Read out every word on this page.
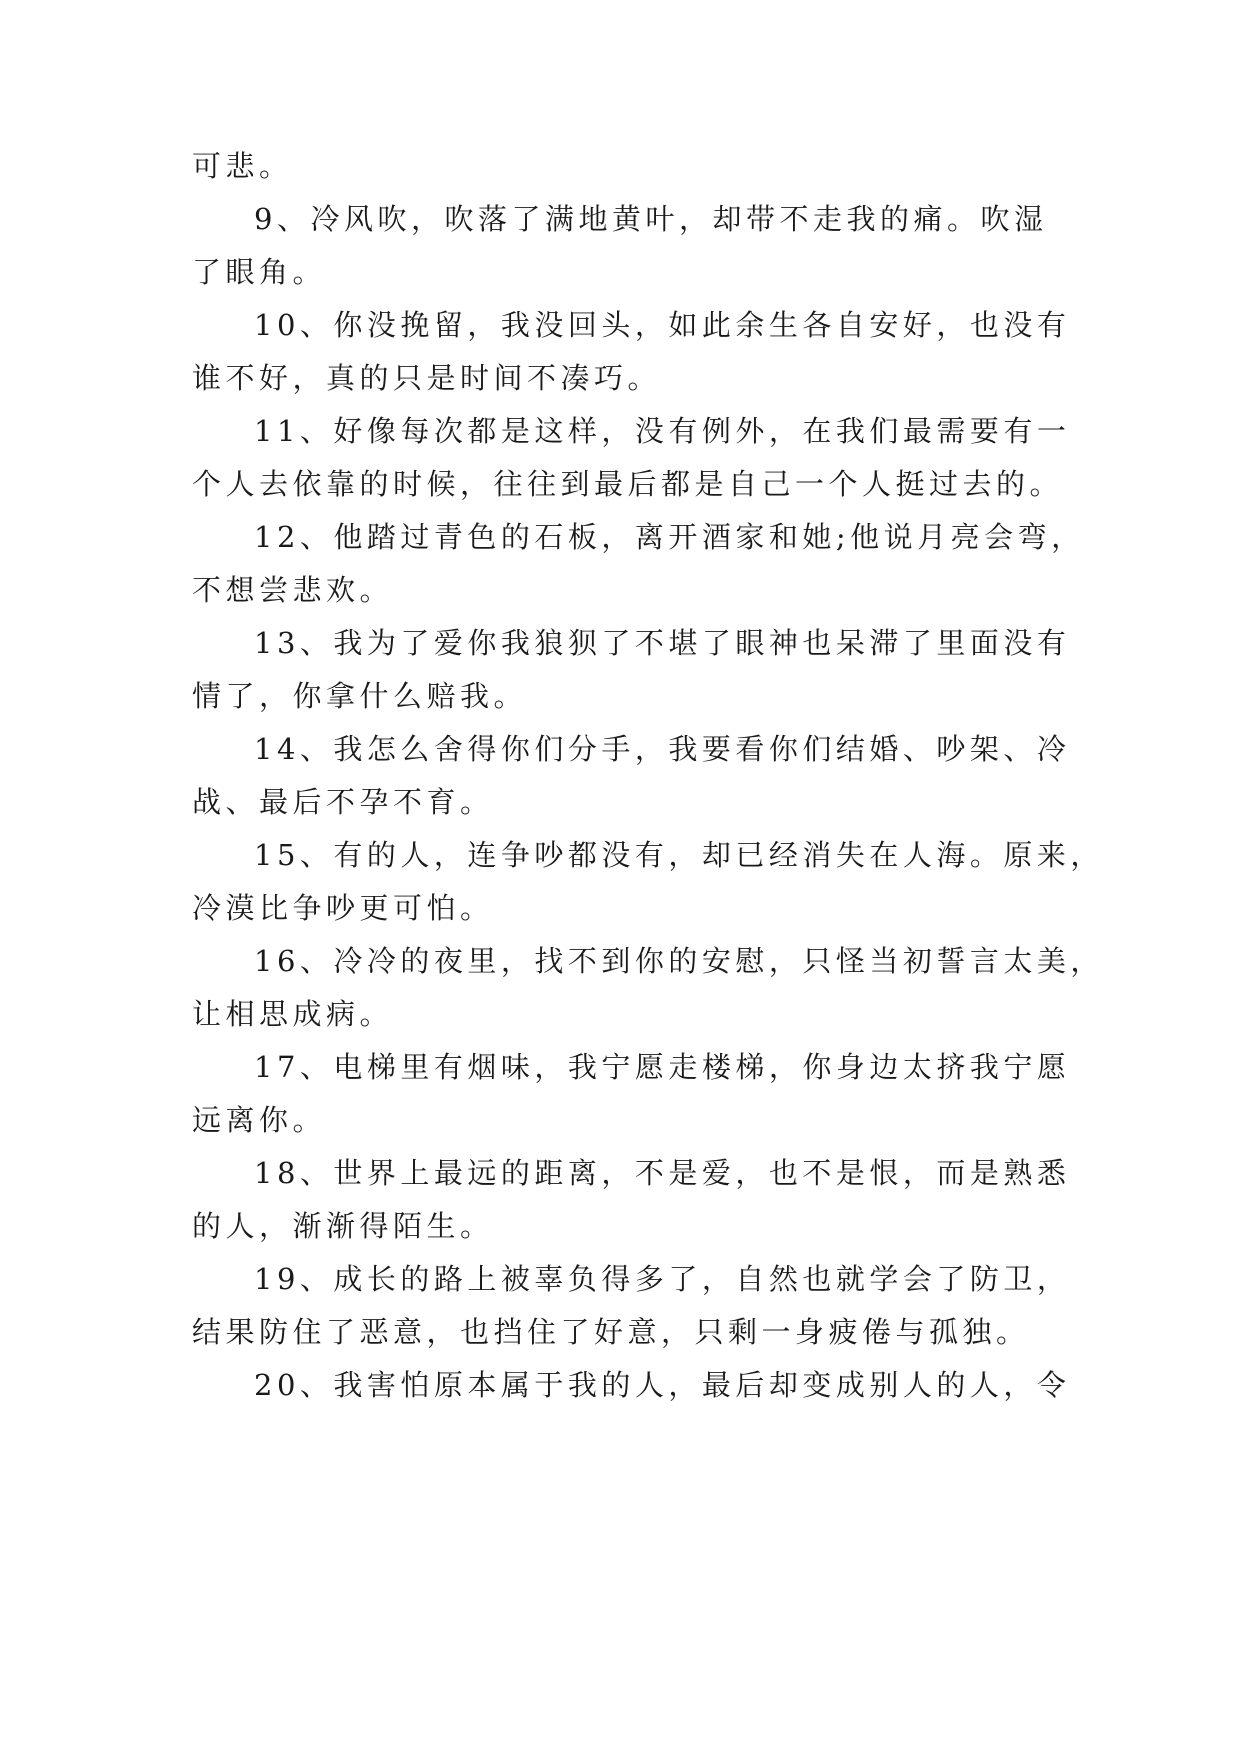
可悲。
9、冷风吹，吹落了满地黄叶，却带不走我的痛。吹湿
了眼角。
10、你没挽留，我没回头，如此余生各自安好，也没有
谁不好，真的只是时间不凑巧。
11、好像每次都是这样，没有例外，在我们最需要有一
个人去依靠的时候，往往到最后都是自己一个人挺过去的。
12、他踏过青色的石板，离开酒家和她;他说月亮会弯，
不想尝悲欢。
13、我为了爱你我狼狈了不堪了眼神也呆滞了里面没有
情了，你拿什么赔我。
14、我怎么舍得你们分手，我要看你们结婚、吵架、冷
战、最后不孕不育。
15、有的人，连争吵都没有，却已经消失在人海。原来，
冷漠比争吵更可怕。
16、冷冷的夜里，找不到你的安慰，只怪当初誓言太美，
让相思成病。
17、电梯里有烟味，我宁愿走楼梯，你身边太挤我宁愿
远离你。
18、世界上最远的距离，不是爱，也不是恨，而是熟悉
的人，渐渐得陌生。
19、成长的路上被辜负得多了，自然也就学会了防卫，
结果防住了恶意，也挡住了好意，只剩一身疲倦与孤独。
20、我害怕原本属于我的人，最后却变成别人的人，令
